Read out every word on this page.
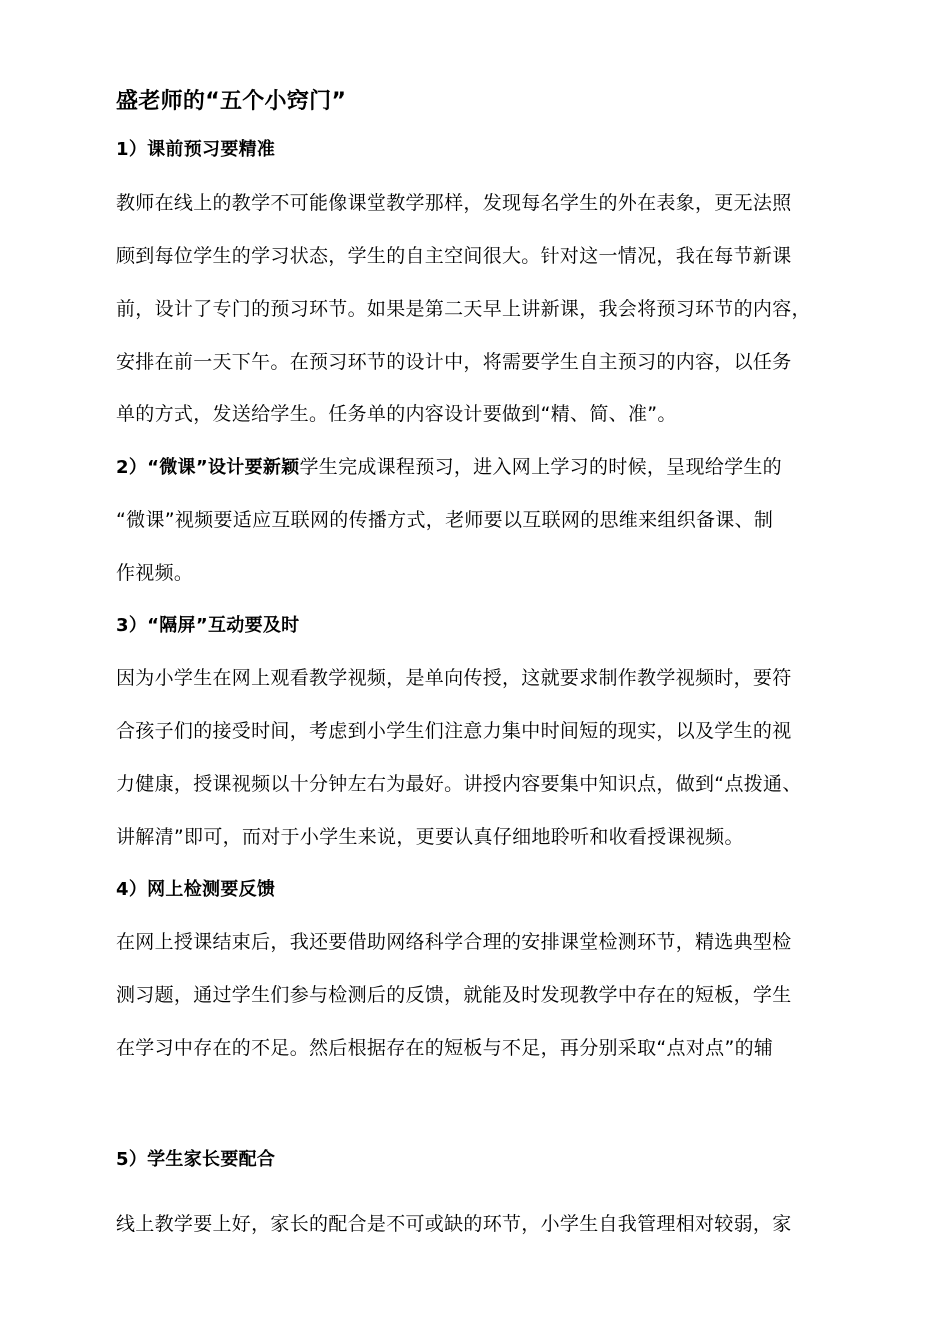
盛老师的“五个小窍门”
1）课前预习要精准
教师在线上的教学不可能像课堂教学那样，发现每名学生的外在表象，更无法照
顾到每位学生的学习状态，学生的自主空间很大。针对这一情况，我在每节新课
前，设计了专门的预习环节。如果是第二天早上讲新课，我会将预习环节的内容，
安排在前一天下午。在预习环节的设计中，将需要学生自主预习的内容，以任务
单的方式，发送给学生。任务单的内容设计要做到“精、简、准”。
2）“微课”设计要新颖学生完成课程预习，进入网上学习的时候，呈现给学生的
“微课”视频要适应互联网的传播方式，老师要以互联网的思维来组织备课、制
作视频。
3）“隔屏”互动要及时
因为小学生在网上观看教学视频，是单向传授，这就要求制作教学视频时，要符
合孩子们的接受时间，考虑到小学生们注意力集中时间短的现实，以及学生的视
力健康，授课视频以十分钟左右为最好。讲授内容要集中知识点，做到“点拨通、
讲解清”即可，而对于小学生来说，更要认真仔细地聆听和收看授课视频。
4）网上检测要反馈
在网上授课结束后，我还要借助网络科学合理的安排课堂检测环节，精选典型检
测习题，通过学生们参与检测后的反馈，就能及时发现教学中存在的短板，学生
在学习中存在的不足。然后根据存在的短板与不足，再分别采取“点对点”的辅
5）学生家长要配合
线上教学要上好，家长的配合是不可或缺的环节，小学生自我管理相对较弱，家
